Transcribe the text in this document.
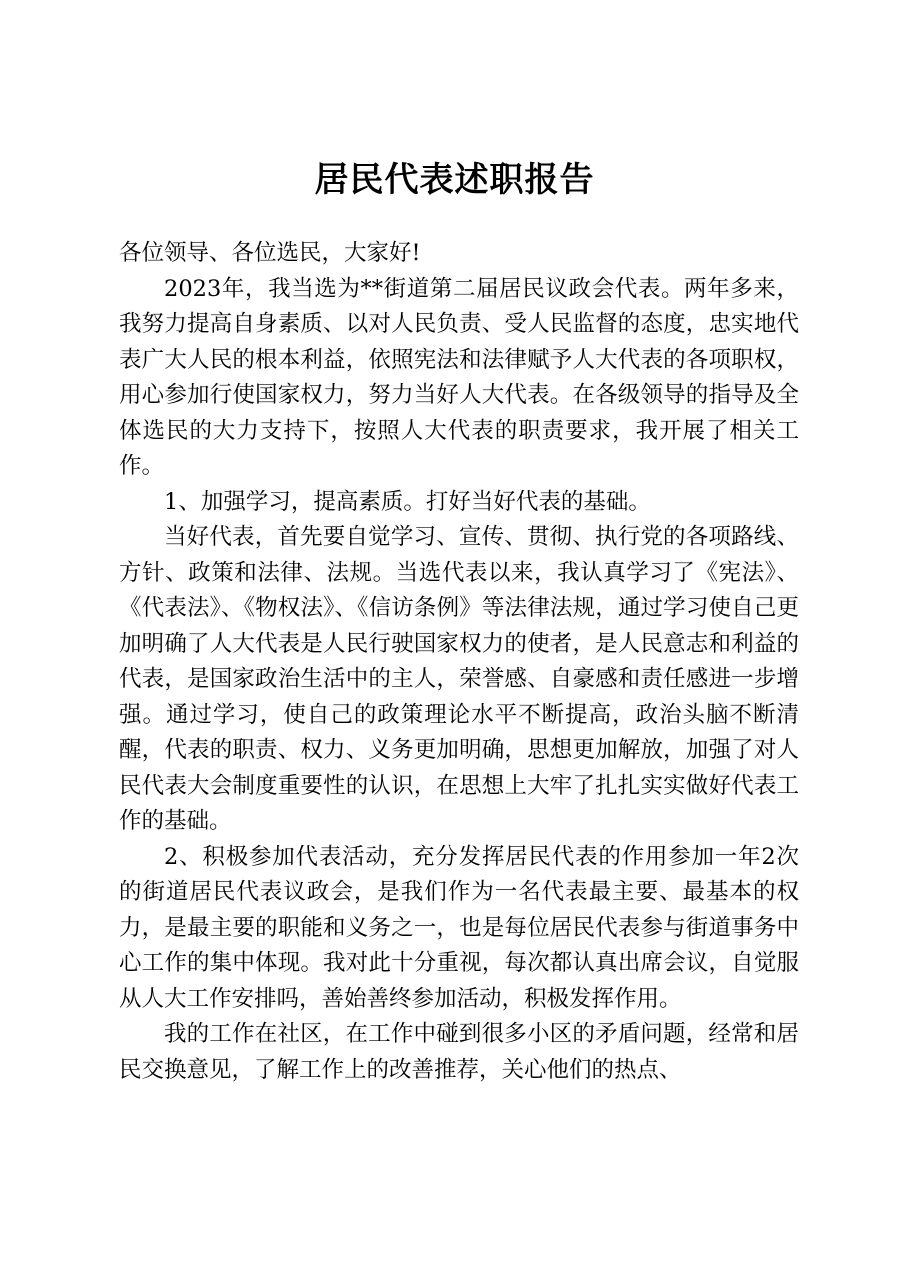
居民代表述职报告

各位领导、各位选民，大家好!

2023年，我当选为**街道第二届居民议政会代表。两年多来，我努力提高自身素质、以对人民负责、受人民监督的态度，忠实地代表广大人民的根本利益，依照宪法和法律赋予人大代表的各项职权，用心参加行使国家权力，努力当好人大代表。在各级领导的指导及全体选民的大力支持下，按照人大代表的职责要求，我开展了相关工作。

1、加强学习，提高素质。打好当好代表的基础。

当好代表，首先要自觉学习、宣传、贯彻、执行党的各项路线、方针、政策和法律、法规。当选代表以来，我认真学习了《宪法》、《代表法》、《物权法》、《信访条例》等法律法规，通过学习使自己更加明确了人大代表是人民行驶国家权力的使者，是人民意志和利益的代表，是国家政治生活中的主人，荣誉感、自豪感和责任感进一步增强。通过学习，使自己的政策理论水平不断提高，政治头脑不断清醒，代表的职责、权力、义务更加明确，思想更加解放，加强了对人民代表大会制度重要性的认识，在思想上大牢了扎扎实实做好代表工作的基础。

2、积极参加代表活动，充分发挥居民代表的作用参加一年2次的街道居民代表议政会，是我们作为一名代表最主要、最基本的权力，是最主要的职能和义务之一，也是每位居民代表参与街道事务中心工作的集中体现。我对此十分重视，每次都认真出席会议，自觉服从人大工作安排吗，善始善终参加活动，积极发挥作用。

我的工作在社区，在工作中碰到很多小区的矛盾问题，经常和居民交换意见，了解工作上的改善推荐，关心他们的热点、
